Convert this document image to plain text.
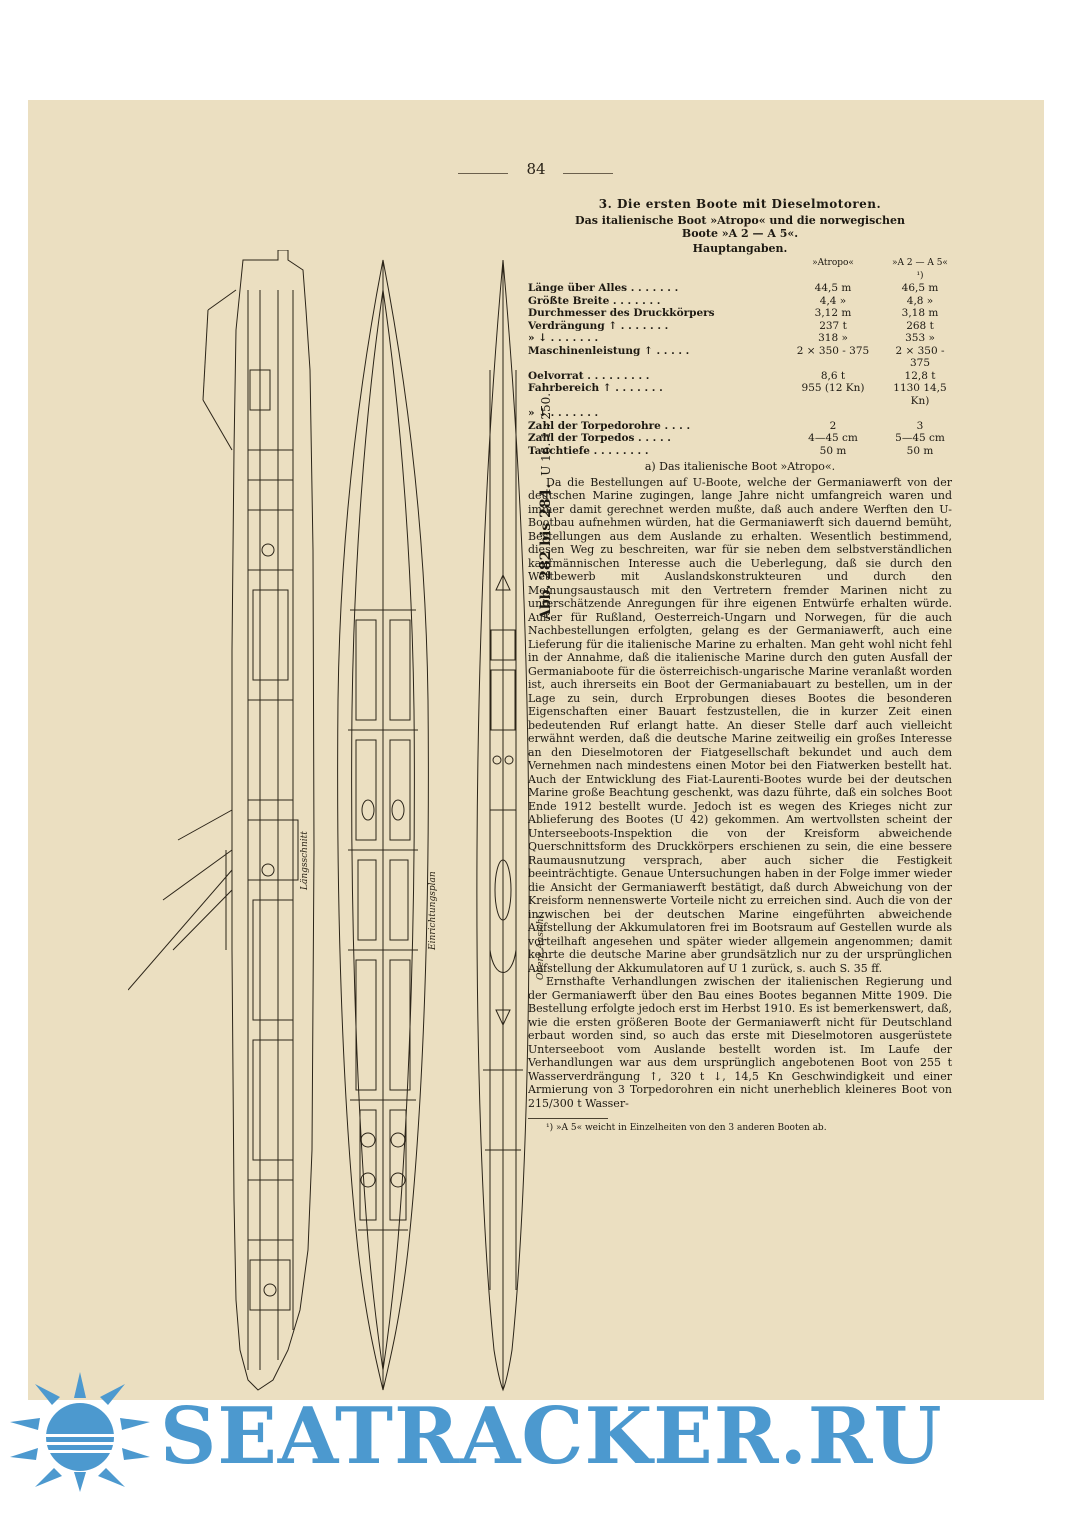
84
Längsschnitt
Einrichtungsplan	Obere Ansicht
Abb. 282 bis 284.U 16. 1 : 250.
3. Die ersten Boote mit Dieselmotoren.

Das italienische Boot »Atropo« und die norwegischen

Boote »A 2 — A 5«.

Hauptangaben.
	»Atropo«	»A 2 — A 5« ¹)
Länge über Alles . . . . . . .	44,5 m	46,5 m
Größte Breite . . . . . . .	4,4 »	4,8 »
Durchmesser des Druckkörpers	3,12 m	3,18 m
Verdrängung ↑ . . . . . . .	237 t	268 t
» ↓ . . . . . . .	318 »	353 »
Maschinenleistung ↑ . . . . .	2 × 350 - 375	2 × 350 - 375
Oelvorrat . . . . . . . . .	8,6 t	12,8 t
Fahrbereich ↑ . . . . . . .	955 (12 Kn)	1130 14,5 Kn)
» ↓ . . . . . . .		
Zahl der Torpedorohre . . . .	2	3
Zahl der Torpedos . . . . .	4—45 cm	5—45 cm
Tauchtiefe . . . . . . . .	50 m	50 m
a) Das italienische Boot »Atropo«.

Da die Bestellungen auf U-Boote, welche der Germaniawerft von der deutschen Marine zugingen, lange Jahre nicht umfangreich waren und immer damit gerechnet werden mußte, daß auch andere Werften den U-Bootbau aufnehmen würden, hat die Germaniawerft sich dauernd bemüht, Bestellungen aus dem Auslande zu erhalten. Wesentlich bestimmend, diesen Weg zu beschreiten, war für sie neben dem selbstverständlichen kaufmännischen Interesse auch die Ueberlegung, daß sie durch den Wettbewerb mit Auslandskonstrukteuren und durch den Meinungsaustausch mit den Vertretern fremder Marinen nicht zu unterschätzende Anregungen für ihre eigenen Entwürfe erhalten würde. Außer für Rußland, Oesterreich-Ungarn und Norwegen, für die auch Nachbestellungen erfolgten, gelang es der Germaniawerft, auch eine Lieferung für die italienische Marine zu erhalten. Man geht wohl nicht fehl in der Annahme, daß die italienische Marine durch den guten Ausfall der Germaniaboote für die österreichisch-ungarische Marine veranlaßt worden ist, auch ihrerseits ein Boot der Germaniabauart zu bestellen, um in der Lage zu sein, durch Erprobungen dieses Bootes die besonderen Eigenschaften einer Bauart festzustellen, die in kurzer Zeit einen bedeutenden Ruf erlangt hatte. An dieser Stelle darf auch vielleicht erwähnt werden, daß die deutsche Marine zeitweilig ein großes Interesse an den Dieselmotoren der Fiatgesellschaft bekundet und auch dem Vernehmen nach mindestens einen Motor bei den Fiatwerken bestellt hat. Auch der Entwicklung des Fiat-Laurenti-Bootes wurde bei der deutschen Marine große Beachtung geschenkt, was dazu führte, daß ein solches Boot Ende 1912 bestellt wurde. Jedoch ist es wegen des Krieges nicht zur Ablieferung des Bootes (U 42) gekommen. Am wertvollsten scheint der Unterseeboots-Inspektion die von der Kreisform abweichende Querschnittsform des Druckkörpers erschienen zu sein, die eine bessere Raumausnutzung versprach, aber auch sicher die Festigkeit beeinträchtigte. Genaue Untersuchungen haben in der Folge immer wieder die Ansicht der Germaniawerft bestätigt, daß durch Abweichung von der Kreisform nennenswerte Vorteile nicht zu erreichen sind. Auch die von der inzwischen bei der deutschen Marine eingeführten abweichende Aufstellung der Akkumulatoren frei im Bootsraum auf Gestellen wurde als vorteilhaft angesehen und später wieder allgemein angenommen; damit kehrte die deutsche Marine aber grundsätzlich nur zu der ursprünglichen Aufstellung der Akkumulatoren auf U 1 zurück, s. auch S. 35 ff.

Ernsthafte Verhandlungen zwischen der italienischen Regierung und der Germaniawerft über den Bau eines Bootes begannen Mitte 1909. Die Bestellung erfolgte jedoch erst im Herbst 1910. Es ist bemerkenswert, daß, wie die ersten größeren Boote der Germaniawerft nicht für Deutschland erbaut worden sind, so auch das erste mit Dieselmotoren ausgerüstete Unterseeboot vom Auslande bestellt worden ist. Im Laufe der Verhandlungen war aus dem ursprünglich angebotenen Boot von 255 t Wasserverdrängung ↑, 320 t ↓, 14,5 Kn Geschwindigkeit und einer Armierung von 3 Torpedorohren ein nicht unerheblich kleineres Boot von 215/300 t Wasser-

¹) »A 5« weicht in Einzelheiten von den 3 anderen Booten ab.
SEATRACKER.RU
